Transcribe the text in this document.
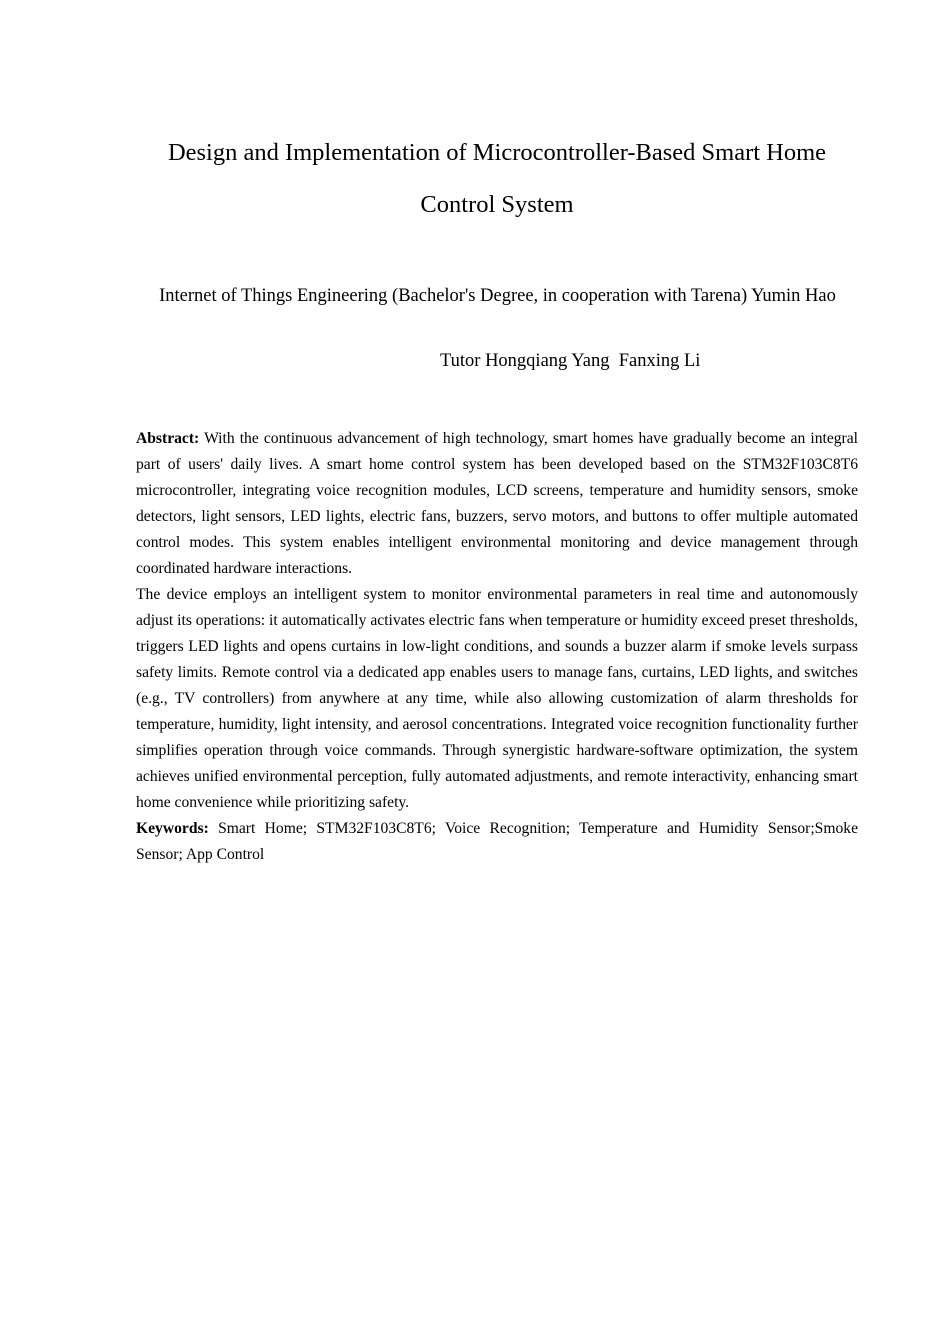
Design and Implementation of Microcontroller-Based Smart Home
Control System
Internet of Things Engineering (Bachelor's Degree, in cooperation with Tarena) Yumin Hao
Tutor Hongqiang Yang  Fanxing Li

Abstract: With the continuous advancement of high technology, smart homes have gradually become an integral part of users' daily lives. A smart home control system has been developed based on the STM32F103C8T6 microcontroller, integrating voice recognition modules, LCD screens, temperature and humidity sensors, smoke detectors, light sensors, LED lights, electric fans, buzzers, servo motors, and buttons to offer multiple automated control modes. This system enables intelligent environmental monitoring and device management through coordinated hardware interactions.

The device employs an intelligent system to monitor environmental parameters in real time and autonomously adjust its operations: it automatically activates electric fans when temperature or humidity exceed preset thresholds, triggers LED lights and opens curtains in low-light conditions, and sounds a buzzer alarm if smoke levels surpass safety limits. Remote control via a dedicated app enables users to manage fans, curtains, LED lights, and switches (e.g., TV controllers) from anywhere at any time, while also allowing customization of alarm thresholds for temperature, humidity, light intensity, and aerosol concentrations. Integrated voice recognition functionality further simplifies operation through voice commands. Through synergistic hardware-software optimization, the system achieves unified environmental perception, fully automated adjustments, and remote interactivity, enhancing smart home convenience while prioritizing safety.

Keywords: Smart Home; STM32F103C8T6; Voice Recognition; Temperature and Humidity Sensor;Smoke Sensor; App Control
